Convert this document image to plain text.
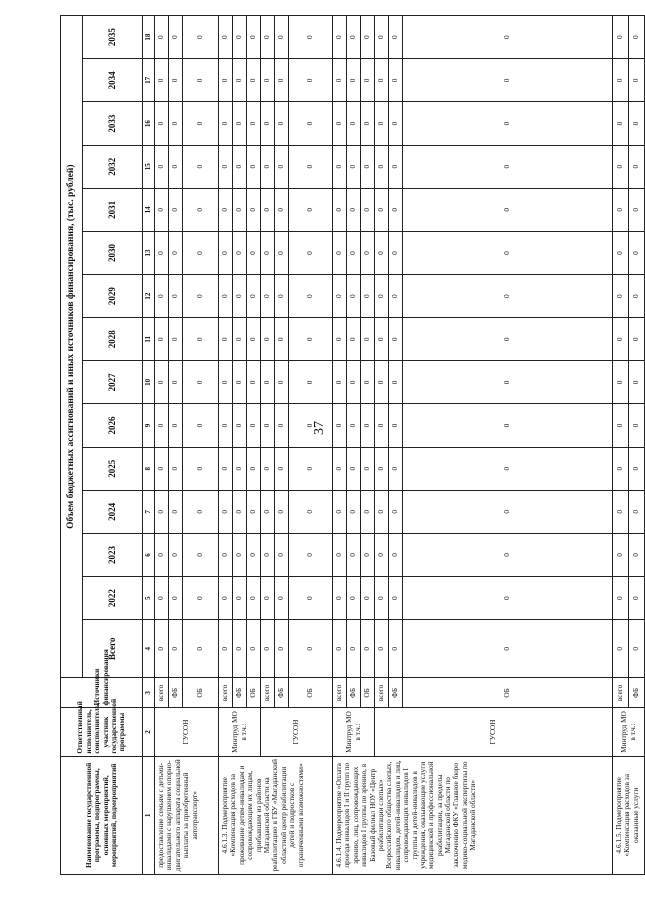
37
Наименование государственной программы, подпрограммы, основных мероприятий, мероприятий, подмероприятий	Ответственный исполнитель, соисполнитель, участник государственной программы	Источники финансирования	Объем бюджетных ассигнований и иных источников финансирования, (тыс. рублей)														
			Всего	2022	2023	2024	2025	2026	2027	2028	2029	2030	2031	2032	2033	2034	2035
1	2	3	4	5	6	7	8	9	10	11	12	13	14	15	16	17	18
предоставление семьям с детьми-инвалидами с нарушением опорно-двигательного аппарата социальной выплаты за приобретенный автотранспорт»	ГУСОН	всего	0	0	0	0	0	0	0	0	0	0	0	0	0	0	0
		ФБ	0	0	0	0	0	0	0	0	0	0	0	0	0	0	0
		ОБ	0	0	0	0	0	0	0	0	0	0	0	0	0	0	0
4.6.1.3. Подмероприятие «Компенсация расходов за проживание детям-инвалидам и сопровождающим их лицам, прибывшим из районов Магаданской области на реабилитацию в ГБУ «Магаданский областной центр реабилитации детей и подростков с ограниченными возможностями»	Минтруд МО в т.ч.:	всего	0	0	0	0	0	0	0	0	0	0	0	0	0	0	0
		ФБ	0	0	0	0	0	0	0	0	0	0	0	0	0	0	0
		ОБ	0	0	0	0	0	0	0	0	0	0	0	0	0	0	0
	ГУСОН	всего	0	0	0	0	0	0	0	0	0	0	0	0	0	0	0
		ФБ	0	0	0	0	0	0	0	0	0	0	0	0	0	0	0
		ОБ	0	0	0	0	0	0	0	0	0	0	0	0	0	0	0
4.6.1.4. Подмероприятие «Оплата проезда инвалидов I и II групп по зрению, лиц, сопровождающих инвалидов I группы по зрению, в Базовый филиал НОУ «Центр реабилитации слепых» Всероссийского общества слепых, инвалидов, детей-инвалидов и лиц, сопровождающих инвалидов I группы и детей-инвалидов в учреждения, оказывающие услуги медицинской и профессиональной реабилитации, за пределы Магаданской области по заключению ФКУ «Главное бюро медико-социальной экспертизы по Магаданской области»	Минтруд МО в т.ч.:	всего	0	0	0	0	0	0	0	0	0	0	0	0	0	0	0
		ФБ	0	0	0	0	0	0	0	0	0	0	0	0	0	0	0
		ОБ	0	0	0	0	0	0	0	0	0	0	0	0	0	0	0
	ГУСОН	всего	0	0	0	0	0	0	0	0	0	0	0	0	0	0	0
		ФБ	0	0	0	0	0	0	0	0	0	0	0	0	0	0	0
		ОБ	0	0	0	0	0	0	0	0	0	0	0	0	0	0	0
4.6.1.5. Подмероприятие «Компенсация расходов за оказанные услуги	Минтруд МО в т.ч.:	всего	0	0	0	0	0	0	0	0	0	0	0	0	0	0	0
		ФБ	0	0	0	0	0	0	0	0	0	0	0	0	0	0	0
